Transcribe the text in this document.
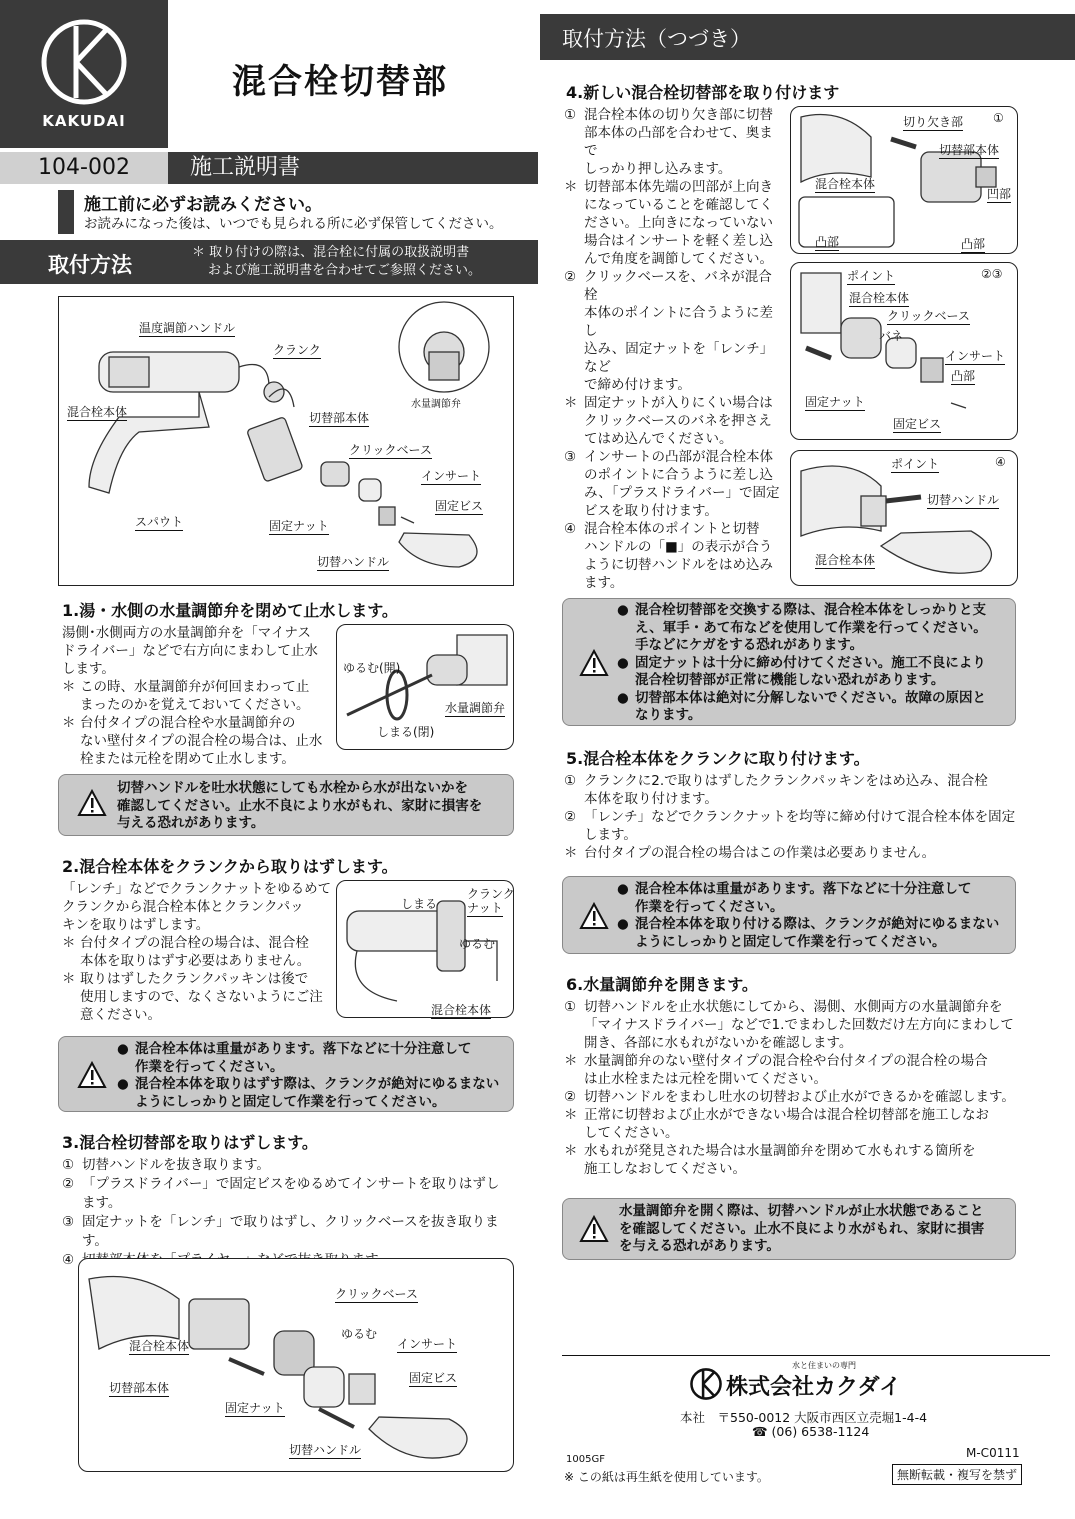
KAKUDAI
混合栓切替部
104-002	施工説明書
施工前に必ずお読みください。
お読みになった後は、いつでも見られる所に必ず保管してください。
取付方法
＊ 取り付けの際は、混合栓に付属の取扱説明書
および施工説明書を合わせてご参照ください。
取付方法（つづき）
温度調節ハンドル
クランク
混合栓本体	切替部本体
クリックベース
インサート
固定ビス
スパウト	固定ナット
切替ハンドル
水量調節弁
1.湯・水側の水量調節弁を閉めて止水します。
湯側･水側両方の水量調節弁を「マイナス
ドライバー」などで右方向にまわして止水
します。
＊ この時、水量調節弁が何回まわって止
まったのかを覚えておいてください。
＊ 台付タイプの混合栓や水量調節弁の
ない壁付タイプの混合栓の場合は、止水
栓または元栓を閉めて止水します。
ゆるむ(開)
しまる(閉)
水量調節弁
切替ハンドルを吐水状態にしても水栓から水が出ないかを
確認してください。止水不良により水がもれ、家財に損害を
与える恐れがあります。
2.混合栓本体をクランクから取りはずします。
「レンチ」などでクランクナットをゆるめて
クランクから混合栓本体とクランクパッ
キンを取りはずします。
＊ 台付タイプの混合栓の場合は、混合栓
本体を取りはずす必要はありません。
＊ 取りはずしたクランクパッキンは後で
使用しますので、なくさないようにご注
意ください。
しまる
クランク
ナット
ゆるむ
混合栓本体
● 混合栓本体は重量があります。落下などに十分注意して
作業を行ってください。
● 混合栓本体を取りはずす際は、クランクが絶対にゆるまない
ようにしっかりと固定して作業を行ってください。
3.混合栓切替部を取りはずします。
① 切替ハンドルを抜き取ります。
② 「プラスドライバー」で固定ビスをゆるめてインサートを取りはずし
ます。
③ 固定ナットを「レンチ」で取りはずし、クリックベースを抜き取ります。
④
クリックベース
ゆるむ
混合栓本体	インサート
切替部本体
固定ビス
固定ナット
切替ハンドル
4.新しい混合栓切替部を取り付けます
① 混合栓本体の切り欠き部に切替
部本体の凸部を合わせて、奥まで
しっかり押し込みます。
＊ 切替部本体先端の凹部が上向き
になっていることを確認してく
ださい。上向きになっていない
場合はインサートを軽く差し込
んで角度を調節してください。
② クリックベースを、バネが混合栓
本体のポイントに合うように差し
込み、固定ナットを「レンチ」など
で締め付けます。
＊ 固定ナットが入りにくい場合は
クリックベースのバネを押さえ
てはめ込んでください。
③ インサートの凸部が混合栓本体
のポイントに合うように差し込
み、「プラスドライバー」で固定
ビスを取り付けます。
④ 混合栓本体のポイントと切替
ハンドルの「■」の表示が合う
ように切替ハンドルをはめ込み
ます。
切り欠き部 ①
切替部本体
混合栓本体
凹部
凸部	凸部
ポイント	②③
混合栓本体
クリックベース
バネ
インサート
凸部
固定ナット
固定ビス
ポイント	④
切替ハンドル
混合栓本体
● 混合栓切替部を交換する際は、混合栓本体をしっかりと支
え、軍手・あて布などを使用して作業を行ってください。
手などにケガをする恐れがあります。
● 固定ナットは十分に締め付けてください。施工不良により
混合栓切替部が正常に機能しない恐れがあります。
● 切替部本体は絶対に分解しないでください。故障の原因と
なります。
5.混合栓本体をクランクに取り付けます。
① クランクに2.で取りはずしたクランクパッキンをはめ込み、混合栓
本体を取り付けます。
② 「レンチ」などでクランクナットを均等に締め付けて混合栓本体を固定
します。
＊ 台付タイプの混合栓の場合はこの作業は必要ありません。
● 混合栓本体は重量があります。落下などに十分注意して
作業を行ってください。
● 混合栓本体を取り付ける際は、クランクが絶対にゆるまない
ようにしっかりと固定して作業を行ってください。
6.水量調節弁を開きます。
① 切替ハンドルを止水状態にしてから、湯側、水側両方の水量調節弁を
「マイナスドライバー」などで1.でまわした回数だけ左方向にまわして
開き、各部に水もれがないかを確認します。
＊ 水量調節弁のない壁付タイプの混合栓や台付タイプの混合栓の場合
は止水栓または元栓を開いてください。
② 切替ハンドルをまわし吐水の切替および止水ができるかを確認します。
＊ 正常に切替および止水ができない場合は混合栓切替部を施工しなお
してください。
＊ 水もれが発見された場合は水量調節弁を閉めて水もれする箇所を
施工しなおしてください。
水量調節弁を開く際は、切替ハンドルが止水状態であること
を確認してください。止水不良により水がもれ、家財に損害
を与える恐れがあります。
株式会社カクダイ
水と住まいの専門
本社　〒550-0012 大阪市西区立売堀1-4-4
☎ (06) 6538-1124
1005GF	M-C0111
※ この紙は再生紙を使用しています。	無断転載・複写を禁ず
